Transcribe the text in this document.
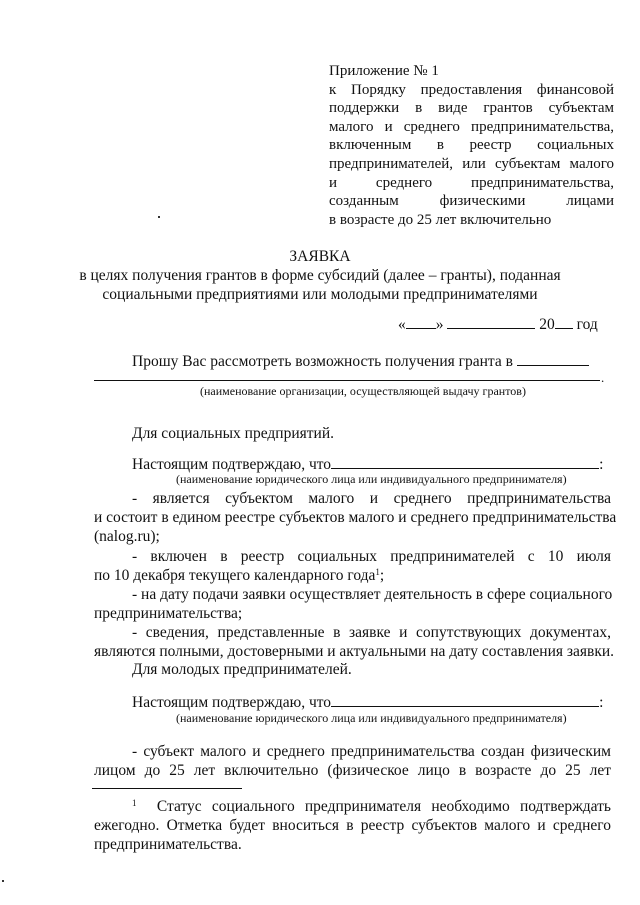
Приложение № 1
к Порядку предоставления финансовой
поддержки в виде грантов субъектам
малого и среднего предпринимательства,
включенным в реестр социальных
предпринимателей, или субъектам малого
и среднего предпринимательства,
созданным физическими лицами
в возрасте до 25 лет включительно
ЗАЯВКА
в целях получения грантов в форме субсидий (далее – гранты), поданная
социальными предприятиями или молодыми предпринимателями
« »	20 год
Прошу Вас рассмотреть возможность получения гранта в
.
(наименование организации, осуществляющей выдачу грантов)
Для социальных предприятий.
Настоящим подтверждаю, что	:
(наименование юридического лица или индивидуального предпринимателя)
- является субъектом малого и среднего предпринимательства
и состоит в едином реестре субъектов малого и среднего предпринимательства
(nalog.ru);
- включен в реестр социальных предпринимателей с 10 июля
по 10 декабря текущего календарного года$^1$;
- на дату подачи заявки осуществляет деятельность в сфере социального
предпринимательства;
- сведения, представленные в заявке и сопутствующих документах,
являются полными, достоверными и актуальными на дату составления заявки.
Для молодых предпринимателей.
Настоящим подтверждаю, что	:
(наименование юридического лица или индивидуального предпринимателя)
- субъект малого и среднего предпринимательства создан физическим
лицом до 25 лет включительно (физическое лицо в возрасте до 25 лет
$^1$ Статус социального предпринимателя необходимо подтверждать
ежегодно. Отметка будет вноситься в реестр субъектов малого и среднего
предпринимательства.
